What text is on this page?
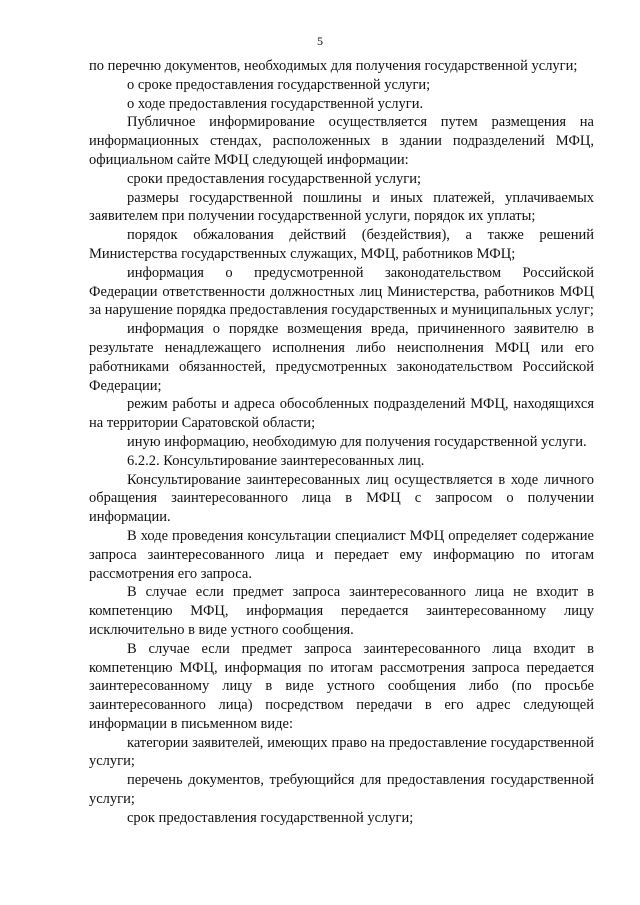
5

по перечню документов, необходимых для получения государственной услуги;

о сроке предоставления государственной услуги;

о ходе предоставления государственной услуги.

Публичное информирование осуществляется путем размещения на информационных стендах, расположенных в здании подразделений МФЦ, официальном сайте МФЦ следующей информации:

сроки предоставления государственной услуги;

размеры государственной пошлины и иных платежей, уплачиваемых заявителем при получении государственной услуги, порядок их уплаты;

порядок обжалования действий (бездействия), а также решений Министерства государственных служащих, МФЦ, работников МФЦ;

информация о предусмотренной законодательством Российской Федерации ответственности должностных лиц Министерства, работников МФЦ за нарушение порядка предоставления государственных и муниципальных услуг;

информация о порядке возмещения вреда, причиненного заявителю в результате ненадлежащего исполнения либо неисполнения МФЦ или его работниками обязанностей, предусмотренных законодательством Российской Федерации;

режим работы и адреса обособленных подразделений МФЦ, находящихся на территории Саратовской области;

иную информацию, необходимую для получения государственной услуги.

6.2.2. Консультирование заинтересованных лиц.

Консультирование заинтересованных лиц осуществляется в ходе личного обращения заинтересованного лица в МФЦ с запросом о получении информации.

В ходе проведения консультации специалист МФЦ определяет содержание запроса заинтересованного лица и передает ему информацию по итогам рассмотрения его запроса.

В случае если предмет запроса заинтересованного лица не входит в компетенцию МФЦ, информация передается заинтересованному лицу исключительно в виде устного сообщения.

В случае если предмет запроса заинтересованного лица входит в компетенцию МФЦ, информация по итогам рассмотрения запроса передается заинтересованному лицу в виде устного сообщения либо (по просьбе заинтересованного лица) посредством передачи в его адрес следующей информации в письменном виде:

категории заявителей, имеющих право на предоставление государственной услуги;

перечень документов, требующийся для предоставления государственной услуги;

срок предоставления государственной услуги;
